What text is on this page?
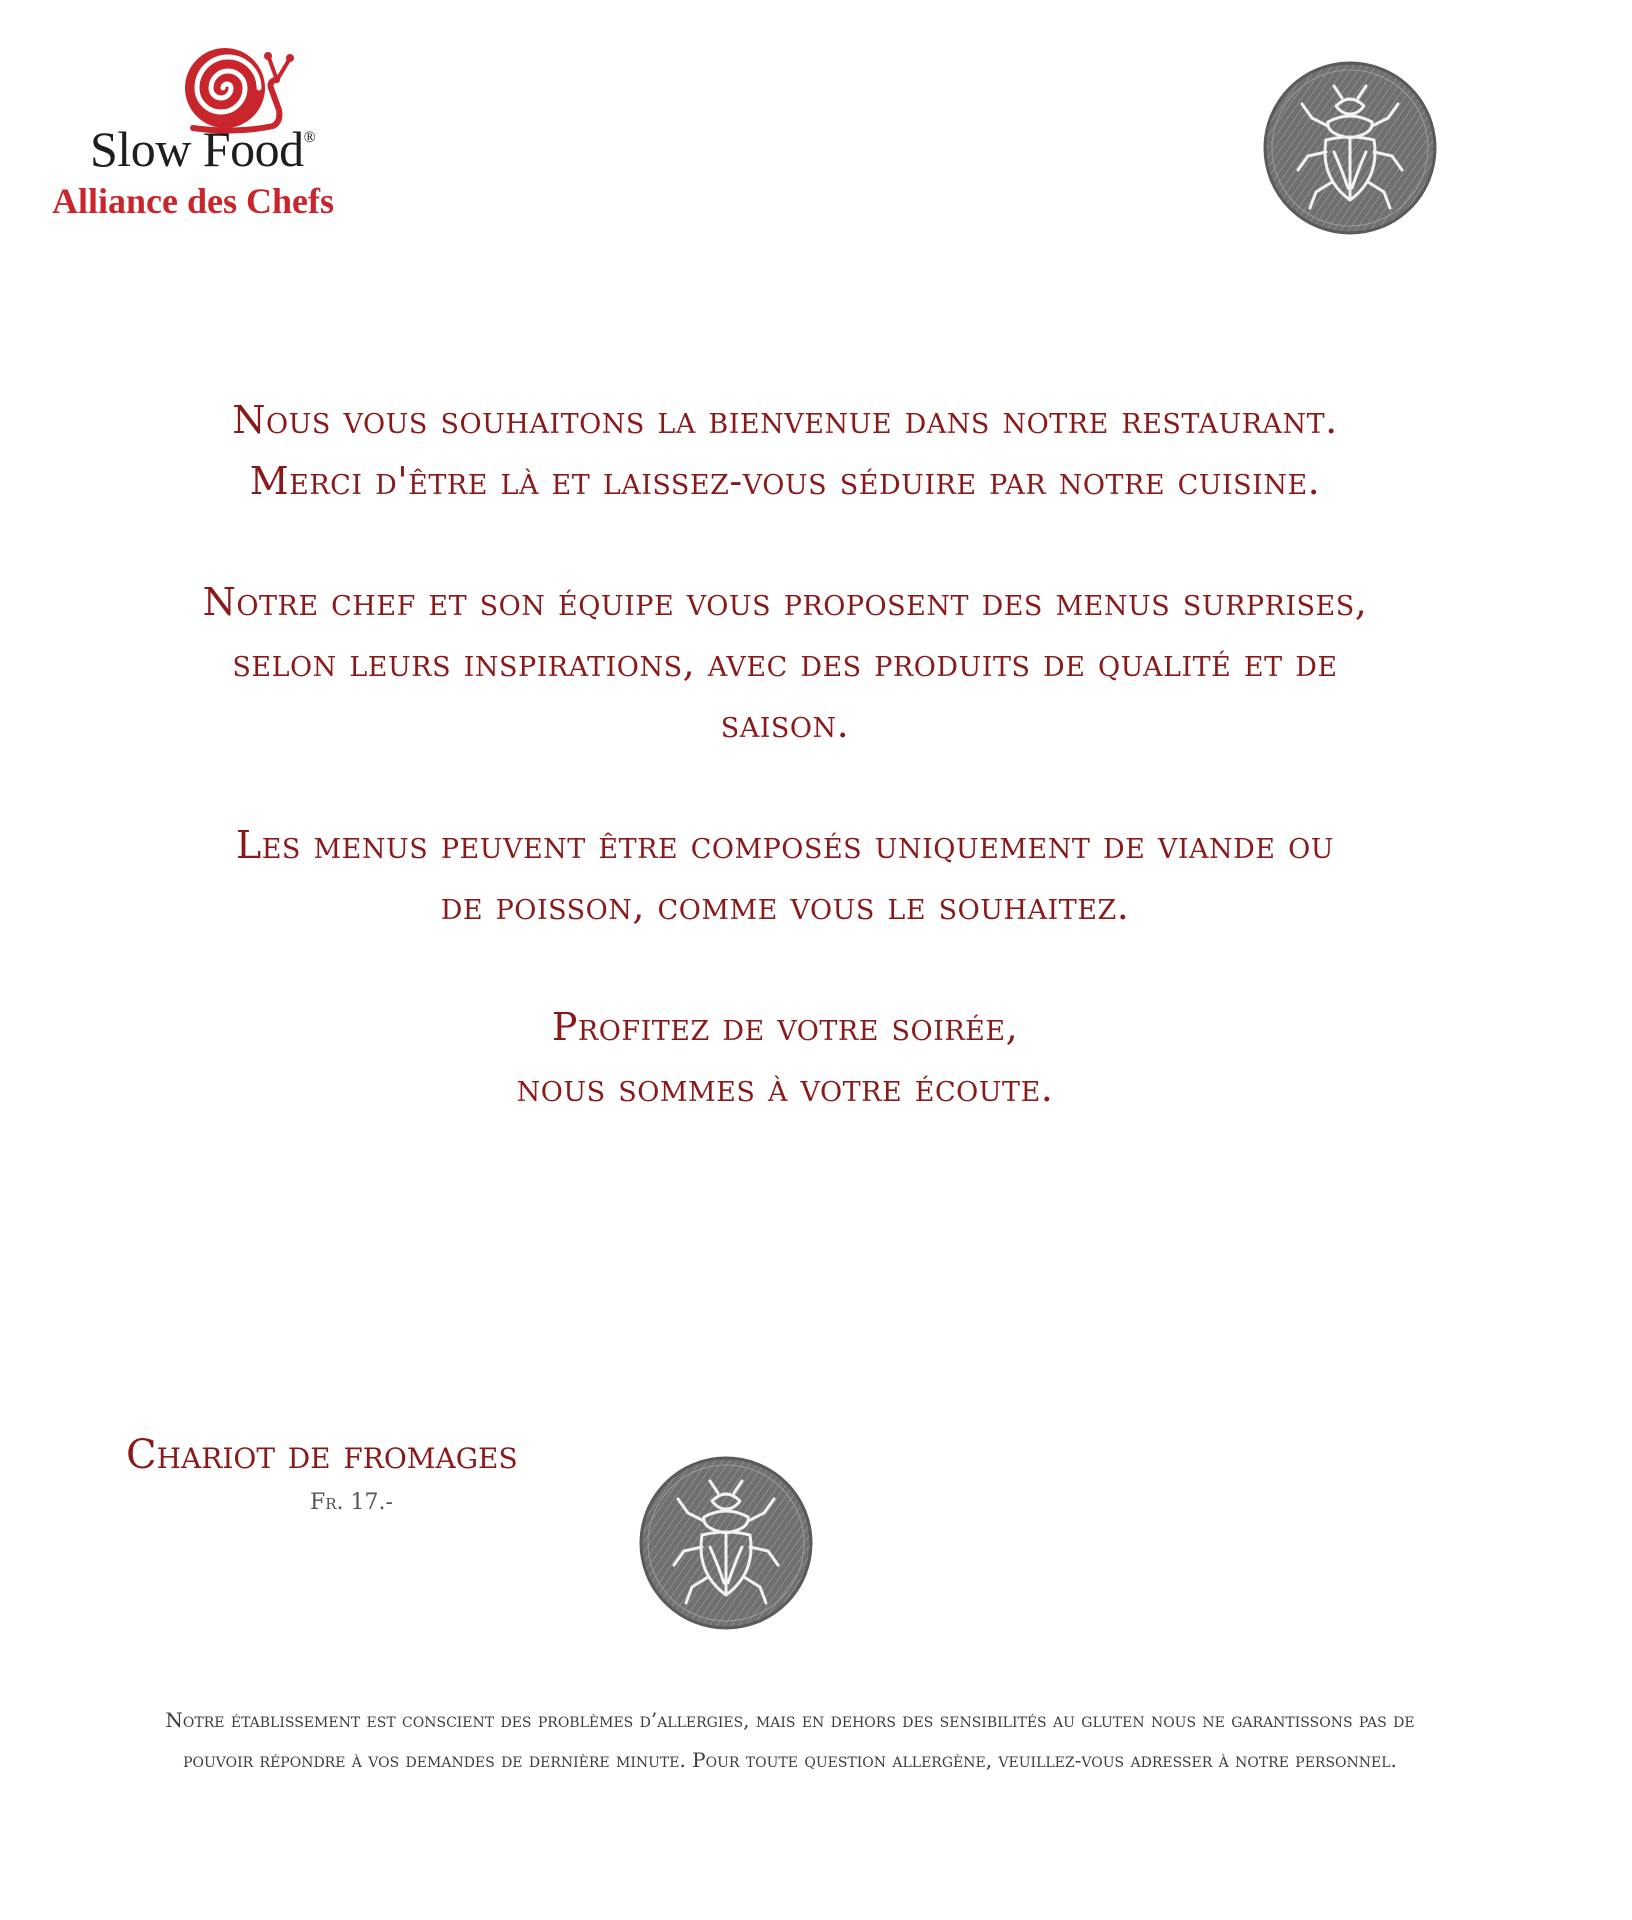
Slow Food®
Alliance des Chefs

Nous vous souhaitons la bienvenue dans notre restaurant.
Merci d'être là et laissez-vous séduire par notre cuisine.

Notre chef et son équipe vous proposent des menus surprises,
selon leurs inspirations, avec des produits de qualité et de
saison.

Les menus peuvent être composés uniquement de viande ou
de poisson, comme vous le souhaitez.

Profitez de votre soirée,
nous sommes à votre écoute.

Chariot de fromages
Fr. 17.-
Notre établissement est conscient des problèmes d’allergies, mais en dehors des sensibilités au gluten nous ne garantissons pas de
pouvoir répondre à vos demandes de dernière minute. Pour toute question allergène, veuillez-vous adresser à notre personnel.
